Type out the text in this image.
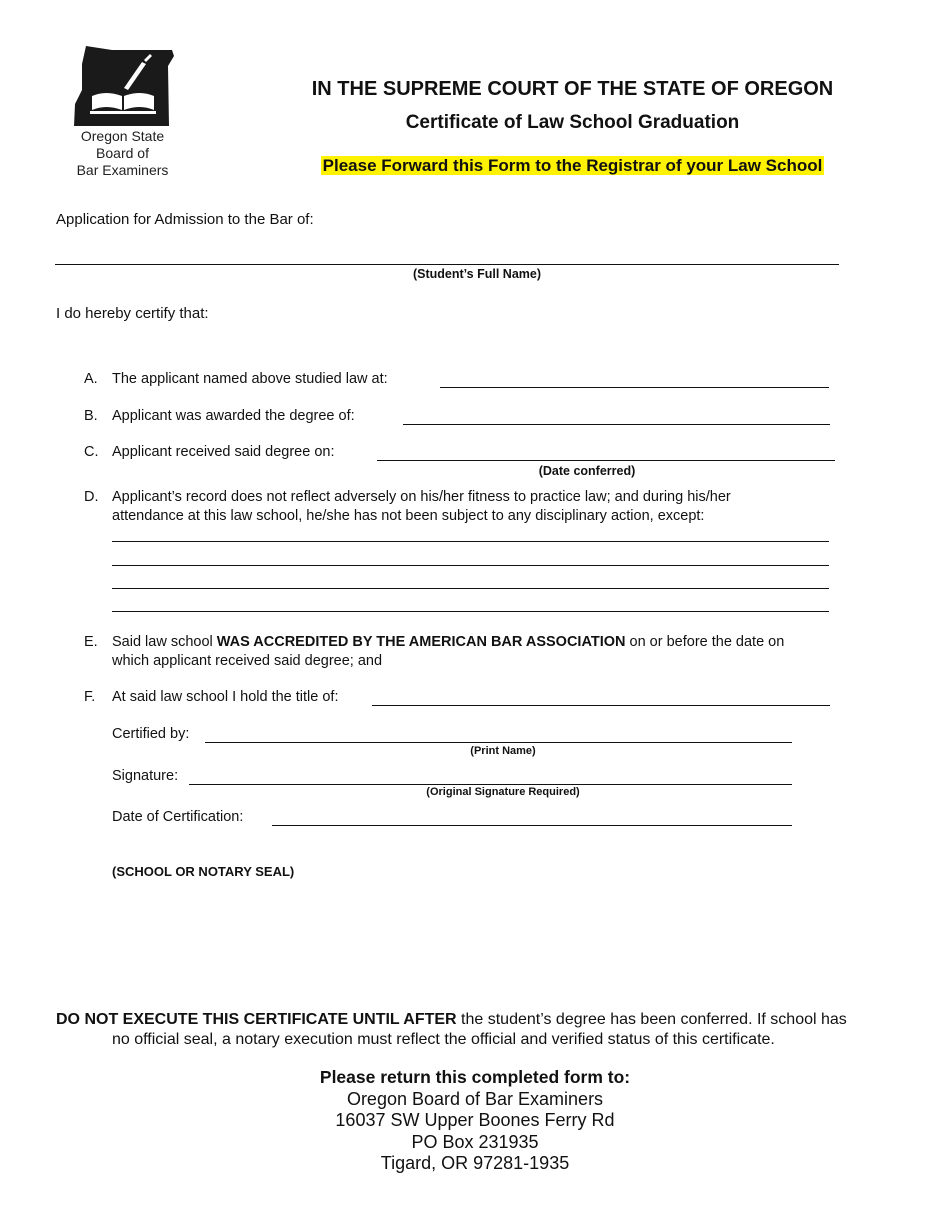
Oregon State
Board of
Bar Examiners
IN THE SUPREME COURT OF THE STATE OF OREGON
Certificate of Law School Graduation
Please Forward this Form to the Registrar of your Law School
Application for Admission to the Bar of:
(Student’s Full Name)
I do hereby certify that:
A. The applicant named above studied law at:
B. Applicant was awarded the degree of:
C. Applicant received said degree on:
(Date conferred)
D. Applicant’s record does not reflect adversely on his/her fitness to practice law; and during his/her
attendance at this law school, he/she has not been subject to any disciplinary action, except:
E. Said law school WAS ACCREDITED BY THE AMERICAN BAR ASSOCIATION on or before the date on
which applicant received said degree; and
F. At said law school I hold the title of:
Certified by:
(Print Name)
Signature:
(Original Signature Required)
Date of Certification:
(SCHOOL OR NOTARY SEAL)
DO NOT EXECUTE THIS CERTIFICATE UNTIL AFTER the student’s degree has been conferred. If school has
no official seal, a notary execution must reflect the official and verified status of this certificate.
Please return this completed form to:
Oregon Board of Bar Examiners
16037 SW Upper Boones Ferry Rd
PO Box 231935
Tigard, OR 97281-1935
